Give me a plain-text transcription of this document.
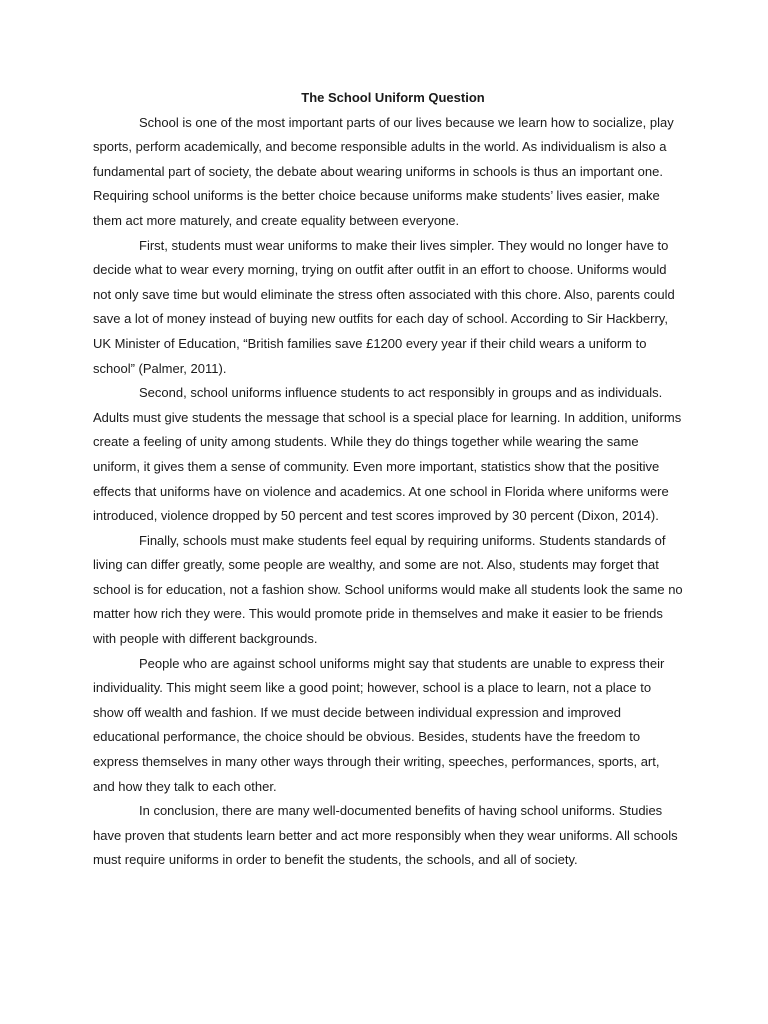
The School Uniform Question

School is one of the most important parts of our lives because we learn how to socialize, play sports, perform academically, and become responsible adults in the world. As individualism is also a fundamental part of society, the debate about wearing uniforms in schools is thus an important one. Requiring school uniforms is the better choice because uniforms make students’ lives easier, make them act more maturely, and create equality between everyone.

First, students must wear uniforms to make their lives simpler. They would no longer have to decide what to wear every morning, trying on outfit after outfit in an effort to choose. Uniforms would not only save time but would eliminate the stress often associated with this chore. Also, parents could save a lot of money instead of buying new outfits for each day of school. According to Sir Hackberry, UK Minister of Education, “British families save £1200 every year if their child wears a uniform to school” (Palmer, 2011).

Second, school uniforms influence students to act responsibly in groups and as individuals. Adults must give students the message that school is a special place for learning. In addition, uniforms create a feeling of unity among students. While they do things together while wearing the same uniform, it gives them a sense of community. Even more important, statistics show that the positive effects that uniforms have on violence and academics. At one school in Florida where uniforms were introduced, violence dropped by 50 percent and test scores improved by 30 percent (Dixon, 2014).

Finally, schools must make students feel equal by requiring uniforms. Students standards of living can differ greatly, some people are wealthy, and some are not. Also, students may forget that school is for education, not a fashion show. School uniforms would make all students look the same no matter how rich they were. This would promote pride in themselves and make it easier to be friends with people with different backgrounds.

People who are against school uniforms might say that students are unable to express their individuality. This might seem like a good point; however, school is a place to learn, not a place to show off wealth and fashion. If we must decide between individual expression and improved educational performance, the choice should be obvious. Besides, students have the freedom to express themselves in many other ways through their writing, speeches, performances, sports, art, and how they talk to each other.

In conclusion, there are many well-documented benefits of having school uniforms. Studies have proven that students learn better and act more responsibly when they wear uniforms. All schools must require uniforms in order to benefit the students, the schools, and all of society.
